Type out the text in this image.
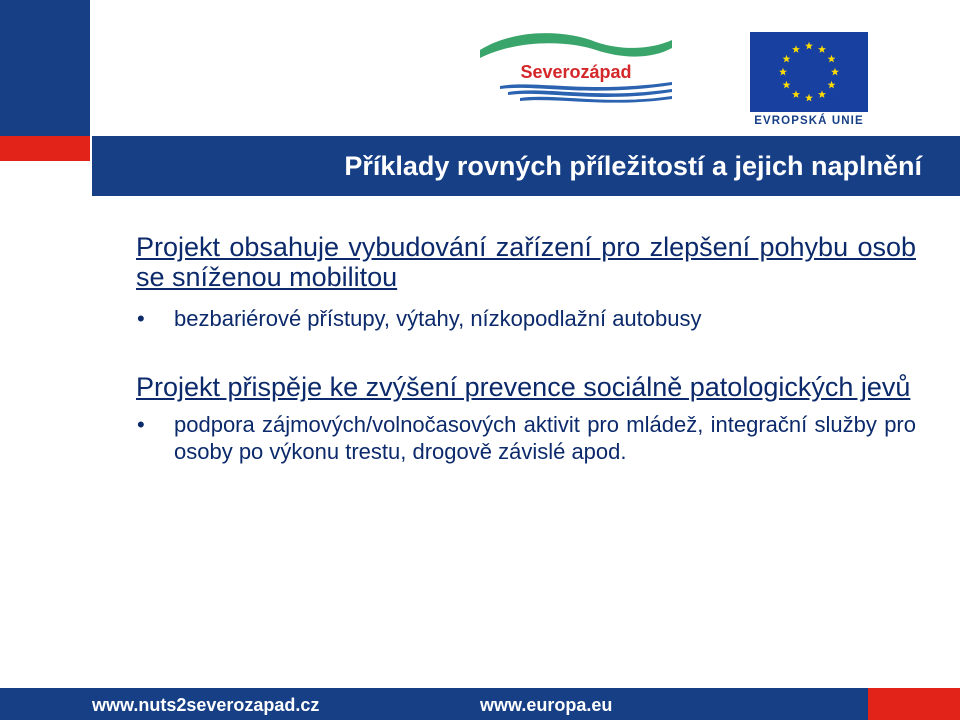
Severozápad
EVROPSKÁ UNIE
Příklady rovných příležitostí a jejich naplnění

Projekt obsahuje vybudování zařízení pro zlepšení pohybu osob se sníženou mobilitou

• bezbariérové přístupy, výtahy, nízkopodlažní autobusy

Projekt přispěje ke zvýšení prevence sociálně patologických jevů

• podpora zájmových/volnočasových aktivit pro mládež, integrační služby pro osoby po výkonu trestu, drogově závislé apod.
www.nuts2severozapad.cz	www.europa.eu
